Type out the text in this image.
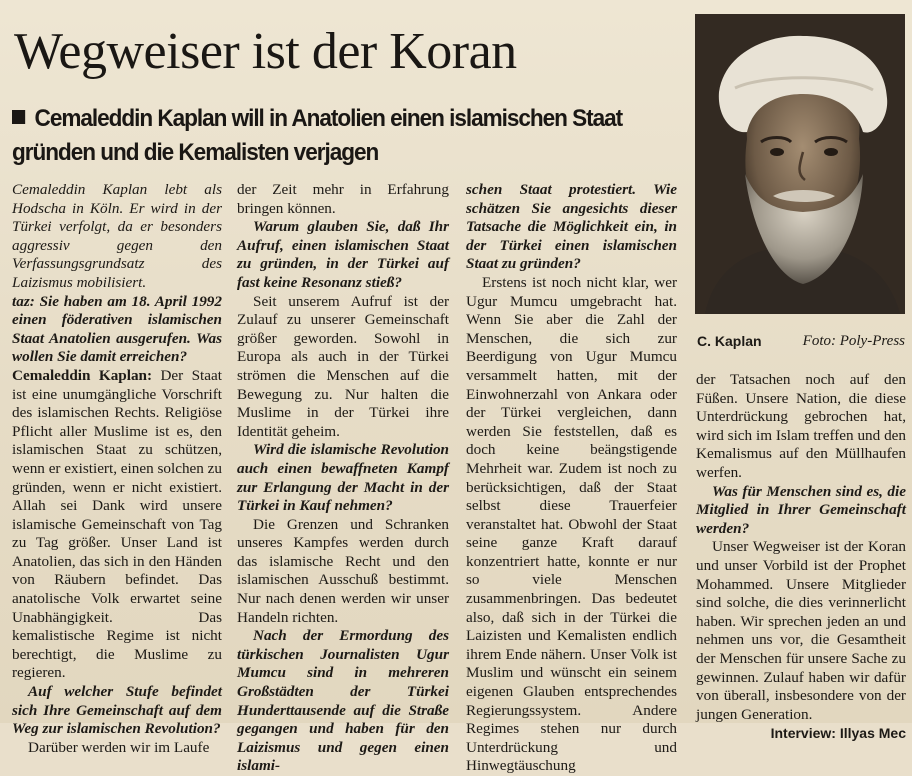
Wegweiser ist der Koran
Cemaleddin Kaplan will in Anatolien einen islamischen Staat gründen und die Kemalisten verjagen
C. Kaplan	Foto: Poly-Press

Cemaleddin Kaplan lebt als Hodscha in Köln. Er wird in der Türkei verfolgt, da er besonders aggressiv gegen den Verfassungsgrundsatz des Laizismus mobilisiert.

taz: Sie haben am 18. April 1992 einen föderativen islamischen Staat Anatolien ausgerufen. Was wollen Sie damit erreichen?

Cemaleddin Kaplan: Der Staat ist eine unumgängliche Vorschrift des islamischen Rechts. Religiöse Pflicht aller Muslime ist es, den islamischen Staat zu schützen, wenn er existiert, einen solchen zu gründen, wenn er nicht existiert. Allah sei Dank wird unsere islamische Gemeinschaft von Tag zu Tag größer. Unser Land ist Anatolien, das sich in den Händen von Räubern befindet. Das anatolische Volk erwartet seine Unabhängigkeit. Das kemalistische Regime ist nicht berechtigt, die Muslime zu regieren.

Auf welcher Stufe befindet sich Ihre Gemeinschaft auf dem Weg zur islamischen Revolution?

Darüber werden wir im Laufe

der Zeit mehr in Erfahrung bringen können.

Warum glauben Sie, daß Ihr Aufruf, einen islamischen Staat zu gründen, in der Türkei auf fast keine Resonanz stieß?

Seit unserem Aufruf ist der Zulauf zu unserer Gemeinschaft größer geworden. Sowohl in Europa als auch in der Türkei strömen die Menschen auf die Bewegung zu. Nur halten die Muslime in der Türkei ihre Identität geheim.

Wird die islamische Revolution auch einen bewaffneten Kampf zur Erlangung der Macht in der Türkei in Kauf nehmen?

Die Grenzen und Schranken unseres Kampfes werden durch das islamische Recht und den islamischen Ausschuß bestimmt. Nur nach denen werden wir unser Handeln richten.

Nach der Ermordung des türkischen Journalisten Ugur Mumcu sind in mehreren Großstädten der Türkei Hunderttausende auf die Straße gegangen und haben für den Laizismus und gegen einen islami-

schen Staat protestiert. Wie schätzen Sie angesichts dieser Tatsache die Möglichkeit ein, in der Türkei einen islamischen Staat zu gründen?

Erstens ist noch nicht klar, wer Ugur Mumcu umgebracht hat. Wenn Sie aber die Zahl der Menschen, die sich zur Beerdigung von Ugur Mumcu versammelt hatten, mit der Einwohnerzahl von Ankara oder der Türkei vergleichen, dann werden Sie feststellen, daß es doch keine beängstigende Mehrheit war. Zudem ist noch zu berücksichtigen, daß der Staat selbst diese Trauerfeier veranstaltet hat. Obwohl der Staat seine ganze Kraft darauf konzentriert hatte, konnte er nur so viele Menschen zusammenbringen. Das bedeutet also, daß sich in der Türkei die Laizisten und Kemalisten endlich ihrem Ende nähern. Unser Volk ist Muslim und wünscht ein seinem eigenen Glauben entsprechendes Regierungssystem. Andere Regimes stehen nur durch Unterdrückung und Hinwegtäuschung

der Tatsachen noch auf den Füßen. Unsere Nation, die diese Unterdrückung gebrochen hat, wird sich im Islam treffen und den Kemalismus auf den Müllhaufen werfen.

Was für Menschen sind es, die Mitglied in Ihrer Gemeinschaft werden?

Unser Wegweiser ist der Koran und unser Vorbild ist der Prophet Mohammed. Unsere Mitglieder sind solche, die dies verinnerlicht haben. Wir sprechen jeden an und nehmen uns vor, die Gesamtheit der Menschen für unsere Sache zu gewinnen. Zulauf haben wir dafür von überall, insbesondere von der jungen Generation.

Interview: Illyas Mec
